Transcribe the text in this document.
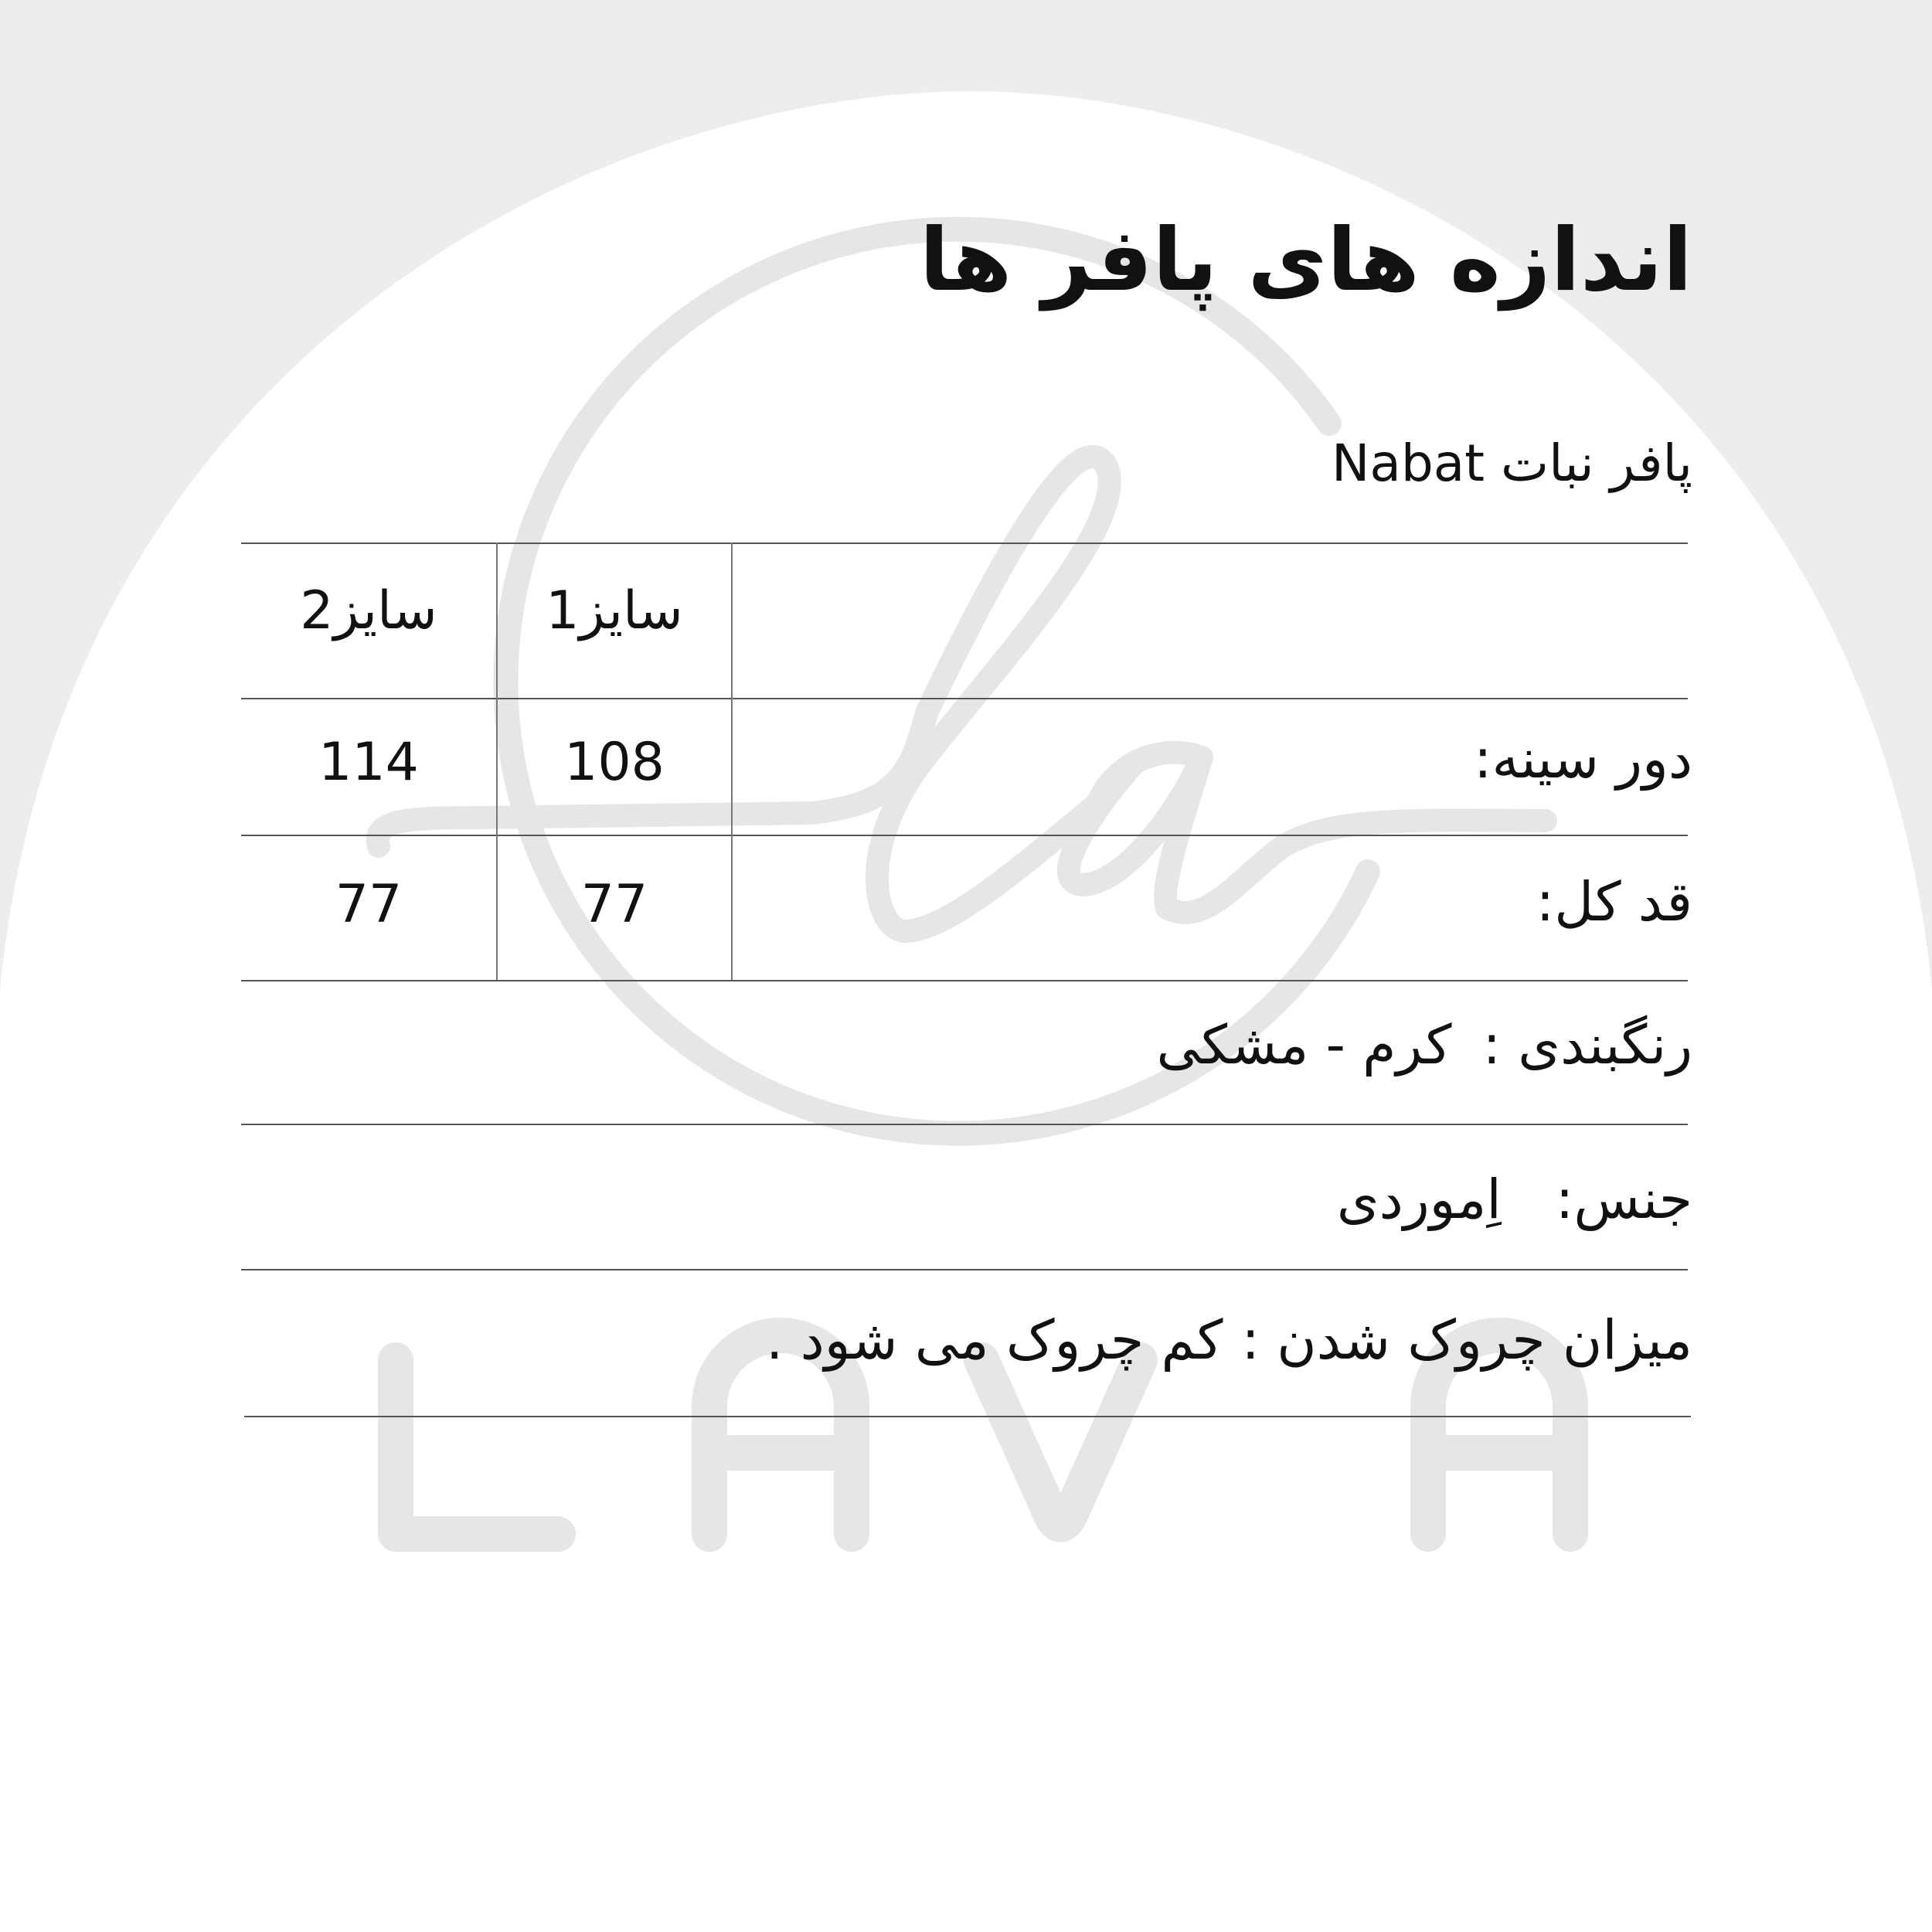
اندازه های پافر ها
پافر نبات Nabat
سایز1
سایز2
دور سینه:
108
114
قد کل:
77
77
رنگبندی :کرم - مشکی
جنس:اِموردی
میزان چروک شدن :کم چروک می شود .
